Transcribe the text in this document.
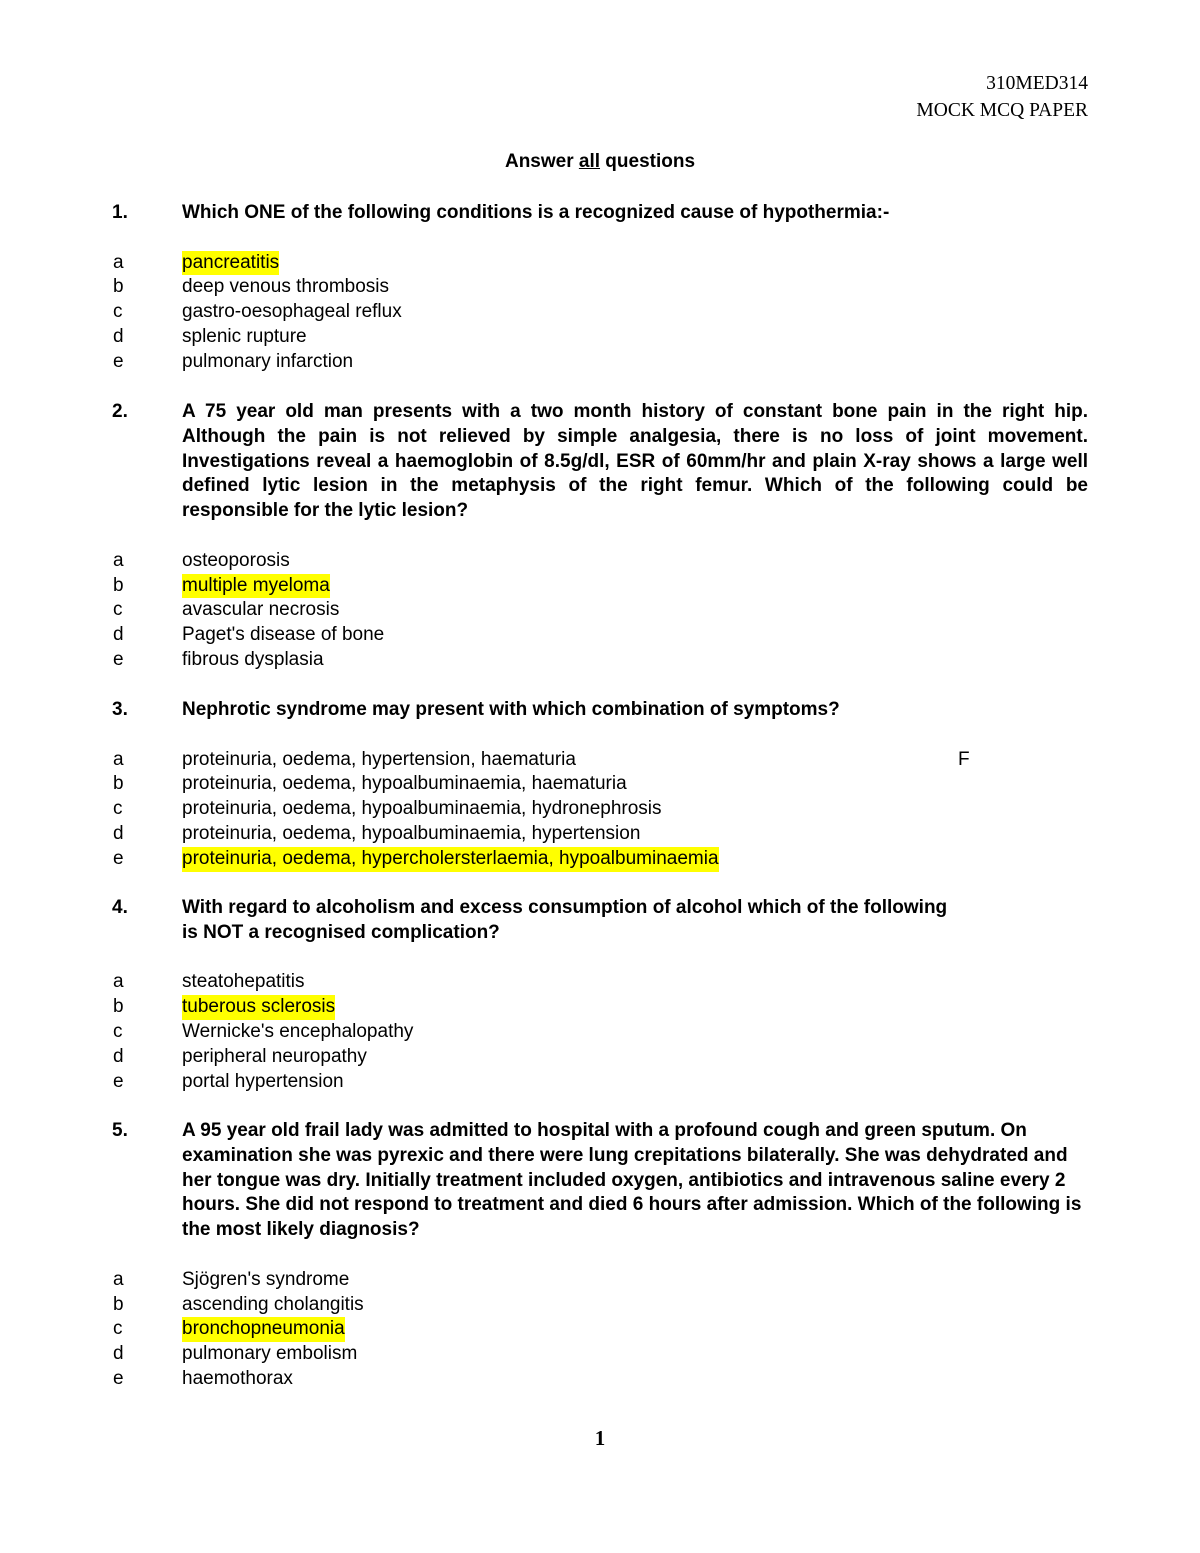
310MED314
MOCK MCQ PAPER
Answer all questions
1.	Which ONE of the following conditions is a recognized cause of hypothermia:-
a	pancreatitis
b	deep venous thrombosis
c	gastro-oesophageal reflux
d	splenic rupture
e	pulmonary infarction
2.	A 75 year old man presents with a two month history of constant bone pain in the right hip. Although the pain is not relieved by simple analgesia, there is no loss of joint movement. Investigations reveal a haemoglobin of 8.5g/dl, ESR of 60mm/hr and plain X-ray shows a large well defined lytic lesion in the metaphysis of the right femur. Which of the following could be responsible for the lytic lesion?
a	osteoporosis
b	multiple myeloma
c	avascular necrosis
d	Paget's disease of bone
e	fibrous dysplasia
3.	Nephrotic syndrome may present with which combination of symptoms?
a	proteinuria, oedema, hypertension, haematuria	F
b	proteinuria, oedema, hypoalbuminaemia, haematuria
c	proteinuria, oedema, hypoalbuminaemia, hydronephrosis
d	proteinuria, oedema, hypoalbuminaemia, hypertension
e	proteinuria, oedema, hypercholersterlaemia, hypoalbuminaemia
4.	With regard to alcoholism and excess consumption of alcohol which of the following is NOT a recognised complication?
a	steatohepatitis
b	tuberous sclerosis
c	Wernicke's encephalopathy
d	peripheral neuropathy
e	portal hypertension
5.	A 95 year old frail lady was admitted to hospital with a profound cough and green sputum. On examination she was pyrexic and there were lung crepitations bilaterally. She was dehydrated and her tongue was dry. Initially treatment included oxygen, antibiotics and intravenous saline every 2 hours. She did not respond to treatment and died 6 hours after admission. Which of the following is the most likely diagnosis?
a	Sjögren's syndrome
b	ascending cholangitis
c	bronchopneumonia
d	pulmonary embolism
e	haemothorax
1
